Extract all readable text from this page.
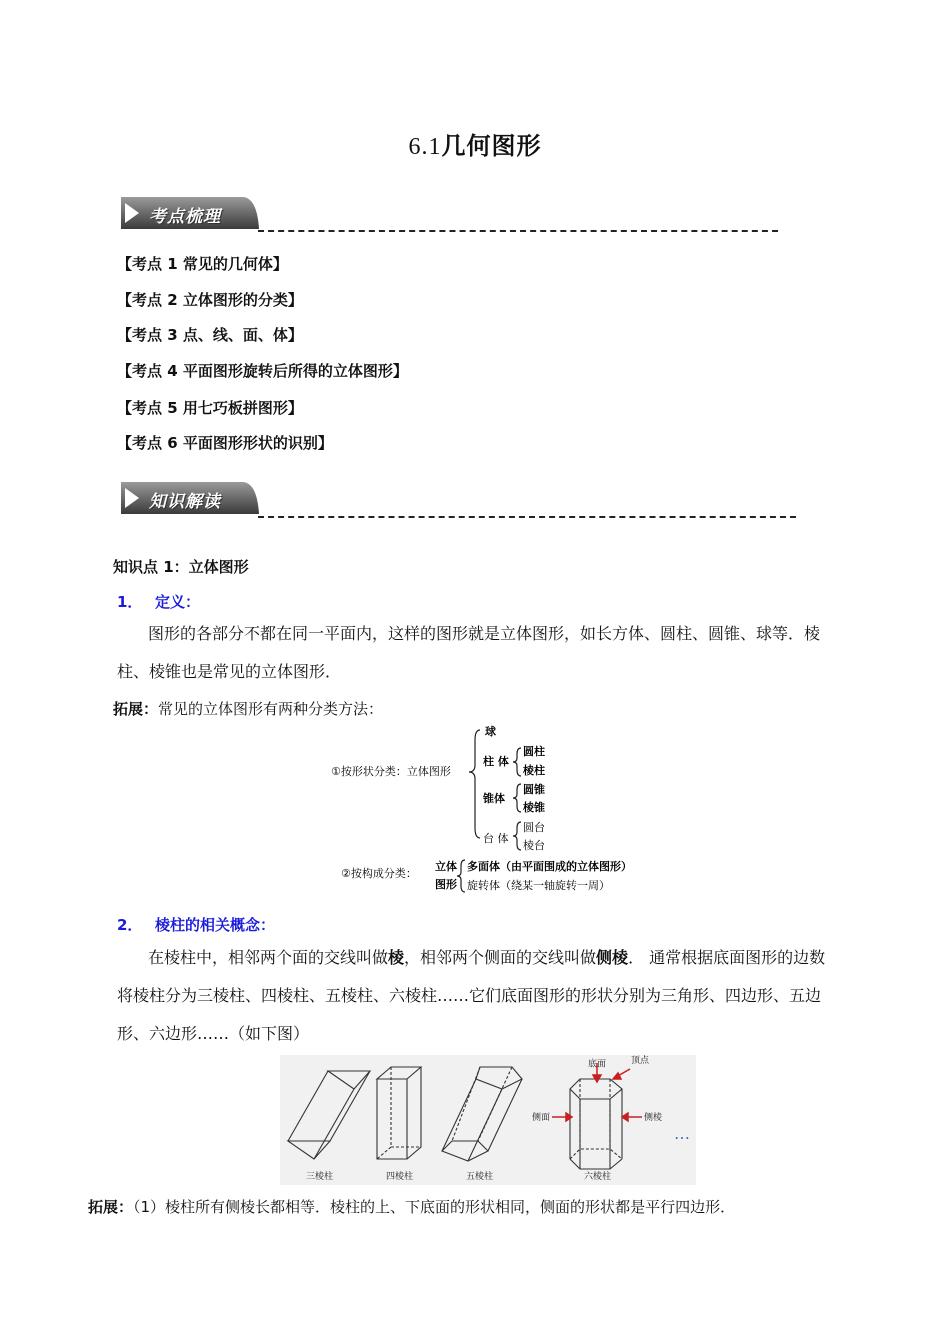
6.1几何图形
考点梳理
【考点 1 常见的几何体】
【考点 2 立体图形的分类】
【考点 3 点、线、面、体】
【考点 4 平面图形旋转后所得的立体图形】
【考点 5 用七巧板拼图形】
【考点 6 平面图形形状的识别】
知识解读
知识点 1：立体图形
1． 定义：
图形的各部分不都在同一平面内，这样的图形就是立体图形，如长方体、圆柱、圆锥、球等．棱
柱、棱锥也是常见的立体图形．
拓展：常见的立体图形有两种分类方法：
①按形状分类：立体图形
球
柱 体
圆柱
棱柱
锥体
圆锥
棱锥
台 体
圆台
棱台
②按构成分类：
立体
图形
多面体（由平面围成的立体图形）
旋转体（绕某一轴旋转一周）
2． 棱柱的相关概念：
在棱柱中，相邻两个面的交线叫做棱，相邻两个侧面的交线叫做侧棱． 通常根据底面图形的边数
将棱柱分为三棱柱、四棱柱、五棱柱、六棱柱……它们底面图形的形状分别为三角形、四边形、五边
形、六边形……（如下图）
底面	顶点
侧面	侧棱
三棱柱	四棱柱	五棱柱	六棱柱
…
拓展：（1）棱柱所有侧棱长都相等．棱柱的上、下底面的形状相同，侧面的形状都是平行四边形．
